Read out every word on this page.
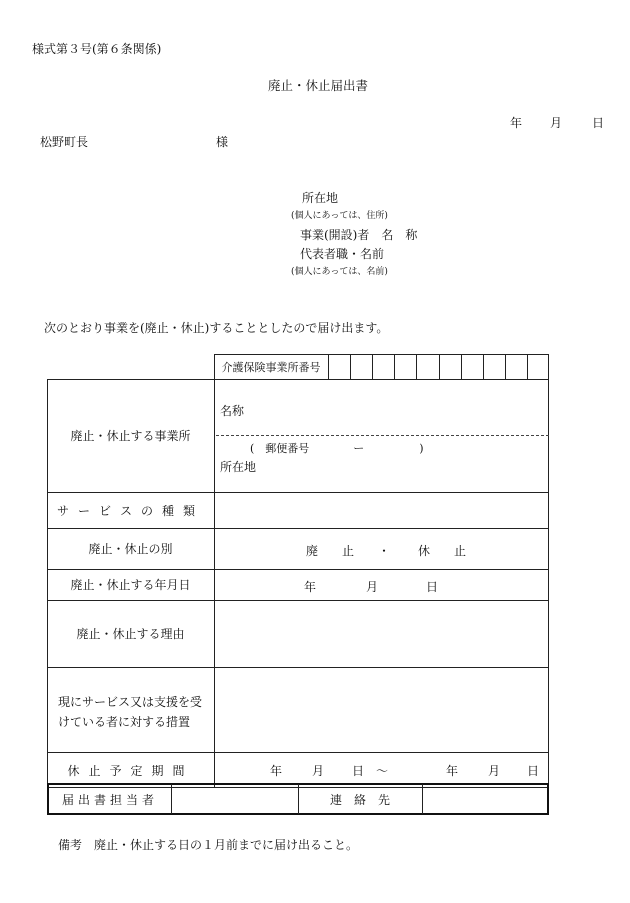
様式第３号(第６条関係)
廃止・休止届出書
年 月 日
松野町長	様
所在地
(個人にあっては、住所)
事業(開設)者　名　称
代表者職・名前
(個人にあっては、名前)
次のとおり事業を(廃止・休止)することとしたので届け出ます。
介護保険事業所番号
廃止・休止する事業所
名称
(　郵便番号　　　　ー　　　　　)
所在地
サービスの種類
廃止・休止の別	廃　　止 ・ 休　　止
廃止・休止する年月日	年	月	日
廃止・休止する理由
現にサービス又は支援を受
けている者に対する措置
休止予定期間	年 月 日　～	年 月 日
届出書担当者	連　絡　先
備考　廃止・休止する日の１月前までに届け出ること。
